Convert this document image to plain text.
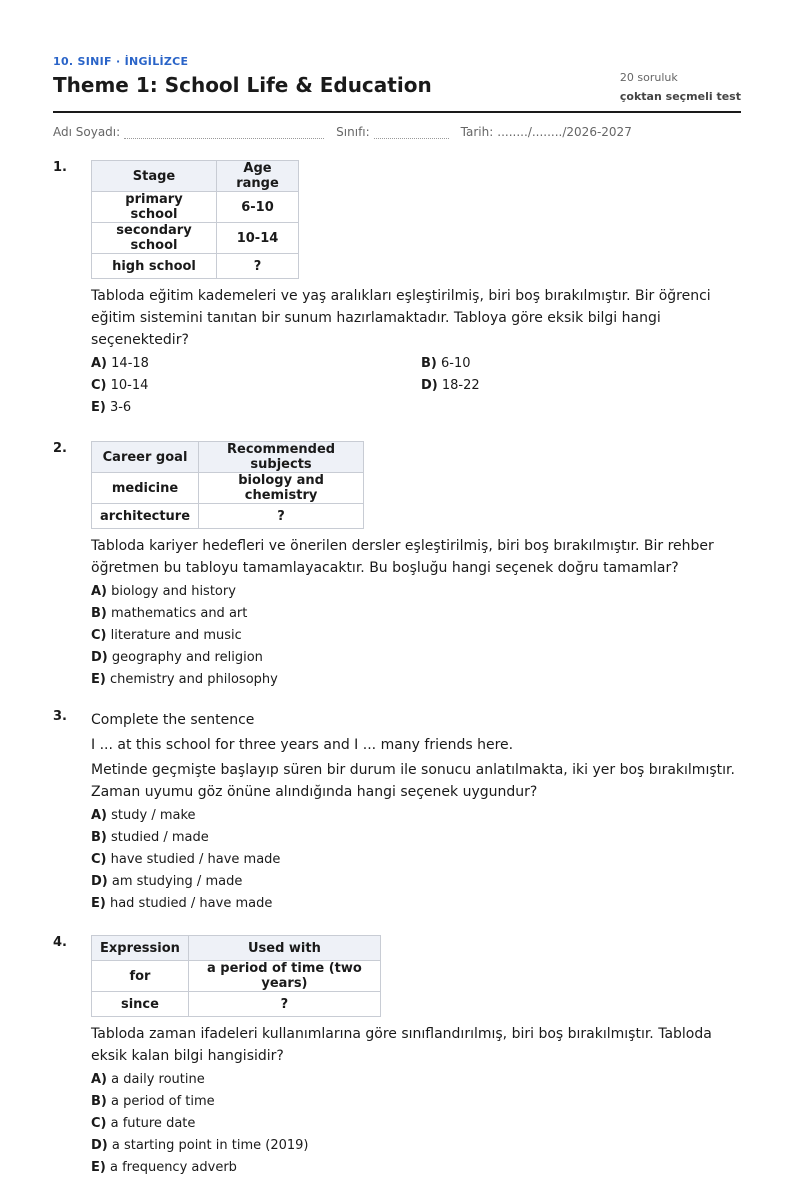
10. SINIF · İNGİLİZCE
Theme 1: School Life & Education	20 soruluk
çoktan seçmeli test
Adı Soyadı:	Sınıfı:	Tarih: ......../......../2026-2027
1.
Stage	Age range
primary school	6-10
secondary school	10-14
high school	?
Tabloda eğitim kademeleri ve yaş aralıkları eşleştirilmiş, biri boş bırakılmıştır. Bir öğrenci eğitim sistemini tanıtan bir sunum hazırlamaktadır. Tabloya göre eksik bilgi hangi seçenektedir?
A) 14-18	B) 6-10
C) 10-14	D) 18-22
E) 3-6
2.
Career goal	Recommended subjects
medicine	biology and chemistry
architecture	?
Tabloda kariyer hedefleri ve önerilen dersler eşleştirilmiş, biri boş bırakılmıştır. Bir rehber öğretmen bu tabloyu tamamlayacaktır. Bu boşluğu hangi seçenek doğru tamamlar?
A) biology and history
B) mathematics and art
C) literature and music
D) geography and religion
E) chemistry and philosophy
3. Complete the sentence
I ... at this school for three years and I ... many friends here.
Metinde geçmişte başlayıp süren bir durum ile sonucu anlatılmakta, iki yer boş bırakılmıştır. Zaman uyumu göz önüne alındığında hangi seçenek uygundur?
A) study / make
B) studied / made
C) have studied / have made
D) am studying / made
E) had studied / have made
4.	Expression	Used with
for	a period of time (two years)
since	?
Tabloda zaman ifadeleri kullanımlarına göre sınıflandırılmış, biri boş bırakılmıştır. Tabloda eksik kalan bilgi hangisidir?
A) a daily routine
B) a period of time
C) a future date
D) a starting point in time (2019)
E) a frequency adverb
